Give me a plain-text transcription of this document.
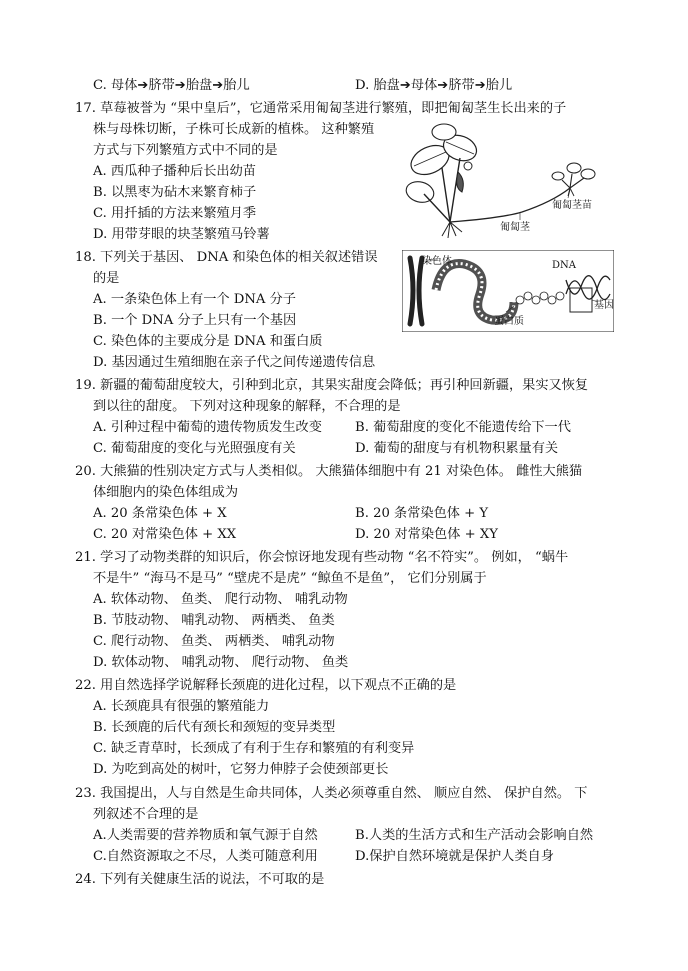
C. 母体➔脐带➔胎盘➔胎儿	D. 胎盘➔母体➔脐带➔胎儿
17. 草莓被誉为 “果中皇后”，它通常采用匍匐茎进行繁殖，即把匍匐茎生长出来的子
株与母株切断，子株可长成新的植株。 这种繁殖
方式与下列繁殖方式中不同的是
A. 西瓜种子播种后长出幼苗
B. 以黑枣为砧木来繁育柿子
C. 用扦插的方法来繁殖月季
D. 用带芽眼的块茎繁殖马铃薯	匍匐茎
匍匐茎苗
18. 下列关于基因、 DNA 和染色体的相关叙述错误
的是
A. 一条染色体上有一个 DNA 分子
B. 一个 DNA 分子上只有一个基因
C. 染色体的主要成分是 DNA 和蛋白质
D. 基因通过生殖细胞在亲子代之间传递遗传信息
染色体	DNA
蛋白质
基因
19. 新疆的葡萄甜度较大，引种到北京，其果实甜度会降低；再引种回新疆，果实又恢复
到以往的甜度。 下列对这种现象的解释，不合理的是
A. 引种过程中葡萄的遗传物质发生改变	B. 葡萄甜度的变化不能遗传给下一代
C. 葡萄甜度的变化与光照强度有关	D. 葡萄的甜度与有机物积累量有关
20. 大熊猫的性别决定方式与人类相似。 大熊猫体细胞中有 21 对染色体。 雌性大熊猫
体细胞内的染色体组成为
A. 20 条常染色体 + X	B. 20 条常染色体 + Y
C. 20 对常染色体 + XX	D. 20 对常染色体 + XY
21. 学习了动物类群的知识后，你会惊讶地发现有些动物 “名不符实”。 例如， “蜗牛
不是牛” “海马不是马” “壁虎不是虎” “鲸鱼不是鱼”， 它们分别属于
A. 软体动物、 鱼类、 爬行动物、 哺乳动物
B. 节肢动物、 哺乳动物、 两栖类、 鱼类
C. 爬行动物、 鱼类、 两栖类、 哺乳动物
D. 软体动物、 哺乳动物、 爬行动物、 鱼类
22. 用自然选择学说解释长颈鹿的进化过程，以下观点不正确的是
A. 长颈鹿具有很强的繁殖能力
B. 长颈鹿的后代有颈长和颈短的变异类型
C. 缺乏青草时，长颈成了有利于生存和繁殖的有利变异
D. 为吃到高处的树叶，它努力伸脖子会使颈部更长
23. 我国提出，人与自然是生命共同体，人类必须尊重自然、 顺应自然、 保护自然。 下
列叙述不合理的是
A.人类需要的营养物质和氧气源于自然	B.人类的生活方式和生产活动会影响自然
C.自然资源取之不尽，人类可随意利用	D.保护自然环境就是保护人类自身
24. 下列有关健康生活的说法，不可取的是
